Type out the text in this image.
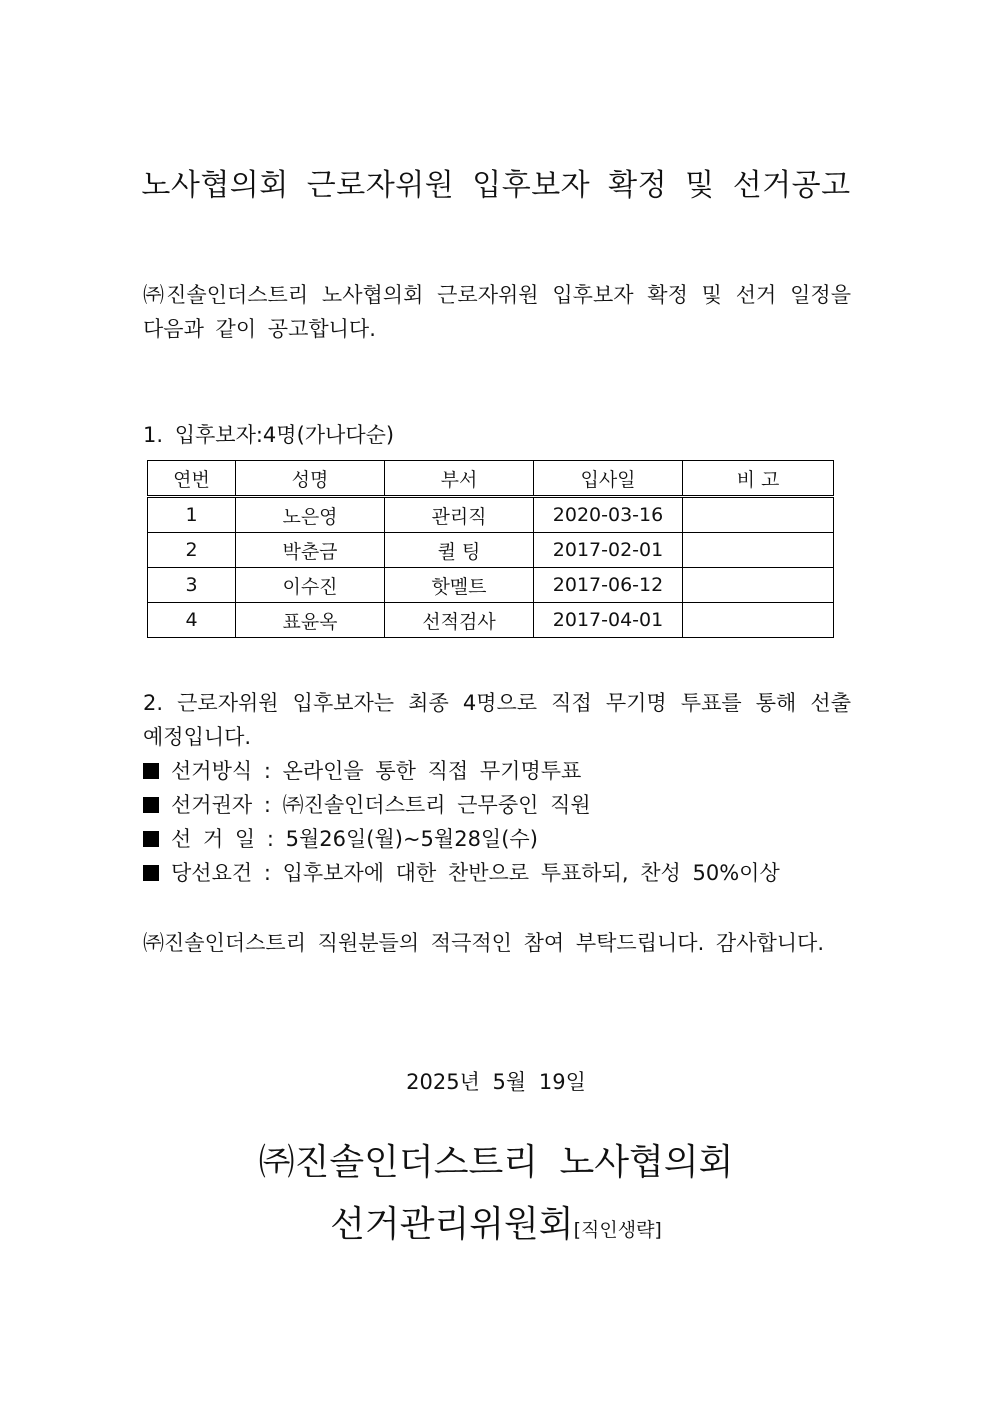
노사협의회 근로자위원 입후보자 확정 및 선거공고
㈜진솔인더스트리 노사협의회 근로자위원 입후보자 확정 및 선거 일정을 다음과 같이 공고합니다.
1. 입후보자:4명(가나다순)
연번	성명	부서	입사일	비 고
1	노은영	관리직	2020-03-16	
2	박춘금	퀼 팅	2017-02-01	
3	이수진	핫멜트	2017-06-12	
4	표윤옥	선적검사	2017-04-01	
2. 근로자위원 입후보자는 최종 4명으로 직접 무기명 투표를 통해 선출 예정입니다.
선거방식 : 온라인을 통한 직접 무기명투표
선거권자 : ㈜진솔인더스트리 근무중인 직원
선 거 일 : 5월26일(월)~5월28일(수)
당선요건 : 입후보자에 대한 찬반으로 투표하되, 찬성 50%이상
㈜진솔인더스트리 직원분들의 적극적인 참여 부탁드립니다. 감사합니다.
2025년 5월 19일
㈜진솔인더스트리 노사협의회
선거관리위원회[직인생략]
